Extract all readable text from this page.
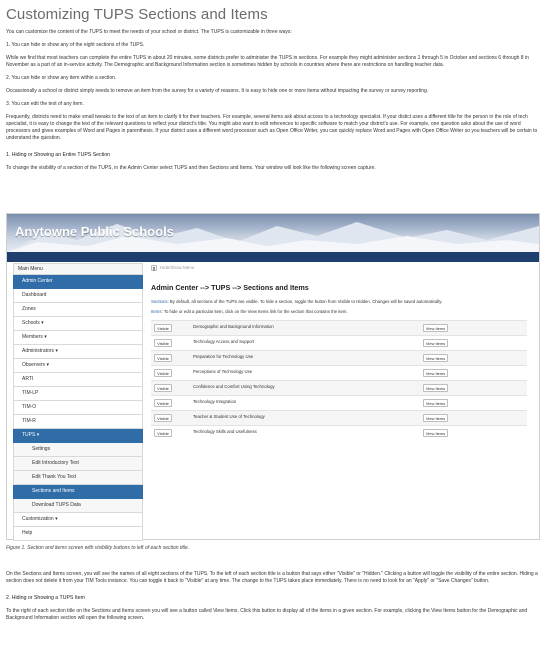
Customizing TUPS Sections and Items
You can customize the content of the TUPS to meet the needs of your school or district. The TUPS is customizable in three ways:
1. You can hide or show any of the eight sections of the TUPS.
While we find that most teachers can complete the entire TUPS in about 20 minutes, some districts prefer to administer the TUPS in sections. For example they might administer sections 1 through 5 in October and sections 6 through 8 in November as a part of an in-service activity. The Demographic and Background Information section is sometimes hidden by schools in countries where there are restrictions on handling teacher data.
2. You can hide or show any item within a section.
Occassionally a school or district simply needs to remove an item from the survey for a variety of reasons. It is easy to hide one or more items without impacting the survey or survey reporting.
3. You can edit the text of any item.
Frequently, districts need to make small tweaks to the text of an item to clarify it for their teachers. For example, several items ask about access to a technology specialist. If your distict uses a different title for the person in the role of tech specialist, it is easy to change the text of the relevant questions to reflect your district's title. You might also want to edit references to specific software to match your district's use. For example, one question asks about the use of word processors and gives examples of Word and Pages in parenthesis. If your district uses a different word processor such as Open Office Writer, you can quickly replace Word and Pages with Open Office Writer so you teachers will be certain to understand the question.
1. Hiding or Showing an Entire TUPS Section
To change the visibility of a section of the TUPS, in the Admin Center select TUPS and then Sections and Items. Your window will look like the following screen capture.
Anytowne Public Schools
Main Menu
Admin Center
Dashboard
Zones
Schools ▾
Members ▾
Administrators ▾
Observers ▾
ARTI
TIM-LP
TIM-O
TIM-R
TUPS ▾
Settings
Edit Introductory Text
Edit Thank You Text
Sections and Items
Download TUPS Data
Customization ▾
Help
Hide/Show Menu
Admin Center --> TUPS --> Sections and Items
Sections: By default, all sections of the TUPS are visible. To hide a section, toggle the button from Visible to Hidden. Changes will be saved automatically.
Items: To hide or edit a particular item, click on the View Items link for the section that contains the item.
Visible	Demographic and Background Information	View Items
Visible	Technology Access and Support	View Items
Visible	Preparation for Technology Use	View Items
Visible	Perceptions of Technology Use	View Items
Visible	Confidence and Comfort Using Technology	View Items
Visible	Technology Integration	View Items
Visible	Teacher & Student Use of Technology	View Items
Visible	Technology Skills and Usefulness	View Items
Figure 1. Section and items screen with visibility buttons to left of each section title.
On the Sections and Items screen, you will see the names of all eight sections of the TUPS. To the left of each section title is a button that says either "Visible" or "Hidden." Clicking a button will toggle the visibility of the entire section. Hiding a section does not delete it from your TIM Tools instance. You can toggle it back to "Visible" at any time. The change to the TUPS takes place immediately. There is no need to look for an "Apply" or "Save Changes" button.
2. Hiding or Showing a TUPS Item
To the right of each section title on the Sections and Items screen you will see a button called View Items. Click this button to display all of the items in a given section. For example, clicking the View Items button for the Demographic and Background Information section will open the following screen.
